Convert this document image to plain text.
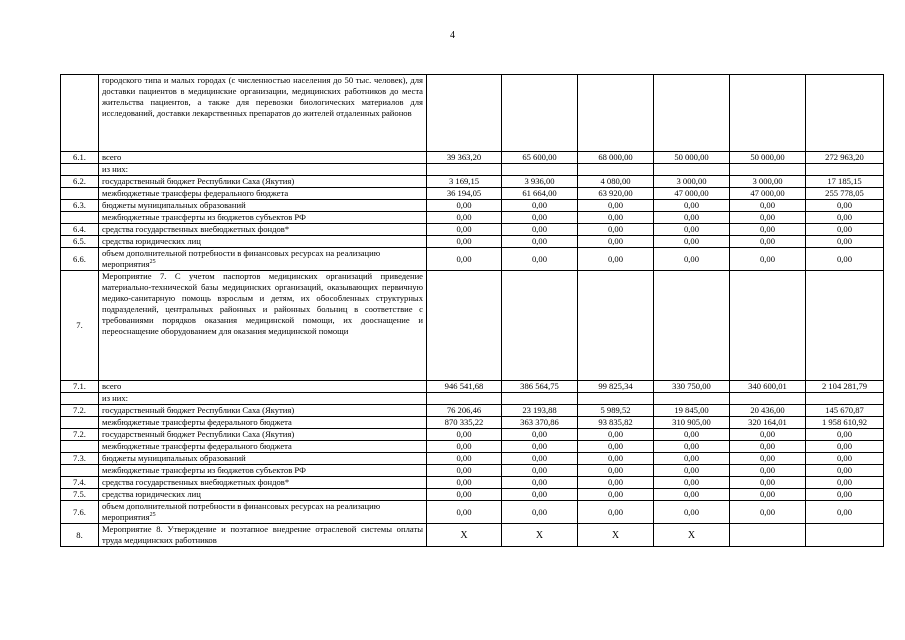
4
	городского типа и малых городах (с численностью населения до 50 тыс. человек), для доставки пациентов в медицинские организации, медицинских работников до места жительства пациентов, а также для перевозки биологических материалов для исследований, доставки лекарственных препаратов до жителей отдаленных районов						
6.1.	всего	39 363,20	65 600,00	68 000,00	50 000,00	50 000,00	272 963,20
	из них:						
6.2.	государственный бюджет Республики Саха (Якутия)	3 169,15	3 936,00	4 080,00	3 000,00	3 000,00	17 185,15
	межбюджетные трансферы федерального бюджета	36 194,05	61 664,00	63 920,00	47 000,00	47 000,00	255 778,05
6.3.	бюджеты муниципальных образований	0,00	0,00	0,00	0,00	0,00	0,00
	межбюджетные трансферты из бюджетов субъектов РФ	0,00	0,00	0,00	0,00	0,00	0,00
6.4.	средства государственных внебюджетных фондов*	0,00	0,00	0,00	0,00	0,00	0,00
6.5.	средства юридических лиц	0,00	0,00	0,00	0,00	0,00	0,00
6.6.	объем дополнительной потребности в финансовых ресурсах на реализацию мероприятия$^{25}$	0,00	0,00	0,00	0,00	0,00	0,00
7.	Мероприятие 7. С учетом паспортов медицинских организаций приведение материально-технической базы медицинских организаций, оказывающих первичную медико-санитарную помощь взрослым и детям, их обособленных структурных подразделений, центральных районных и районных больниц в соответствие с требованиями порядков оказания медицинской помощи, их дооснащение и переоснащение оборудованием для оказания медицинской помощи						
7.1.	всего	946 541,68	386 564,75	99 825,34	330 750,00	340 600,01	2 104 281,79
	из них:						
7.2.	государственный бюджет Республики Саха (Якутия)	76 206,46	23 193,88	5 989,52	19 845,00	20 436,00	145 670,87
	межбюджетные трансферты федерального бюджета	870 335,22	363 370,86	93 835,82	310 905,00	320 164,01	1 958 610,92
7.2.	государственный бюджет Республики Саха (Якутия)	0,00	0,00	0,00	0,00	0,00	0,00
	межбюджетные трансферты федерального бюджета	0,00	0,00	0,00	0,00	0,00	0,00
7.3.	бюджеты муниципальных образований	0,00	0,00	0,00	0,00	0,00	0,00
	межбюджетные трансферты из бюджетов субъектов РФ	0,00	0,00	0,00	0,00	0,00	0,00
7.4.	средства государственных внебюджетных фондов*	0,00	0,00	0,00	0,00	0,00	0,00
7.5.	средства юридических лиц	0,00	0,00	0,00	0,00	0,00	0,00
7.6.	объем дополнительной потребности в финансовых ресурсах на реализацию мероприятия$^{25}$	0,00	0,00	0,00	0,00	0,00	0,00
8.	Мероприятие 8. Утверждение и поэтапное внедрение отраслевой системы оплаты труда медицинских работников	X	X	X	X		
